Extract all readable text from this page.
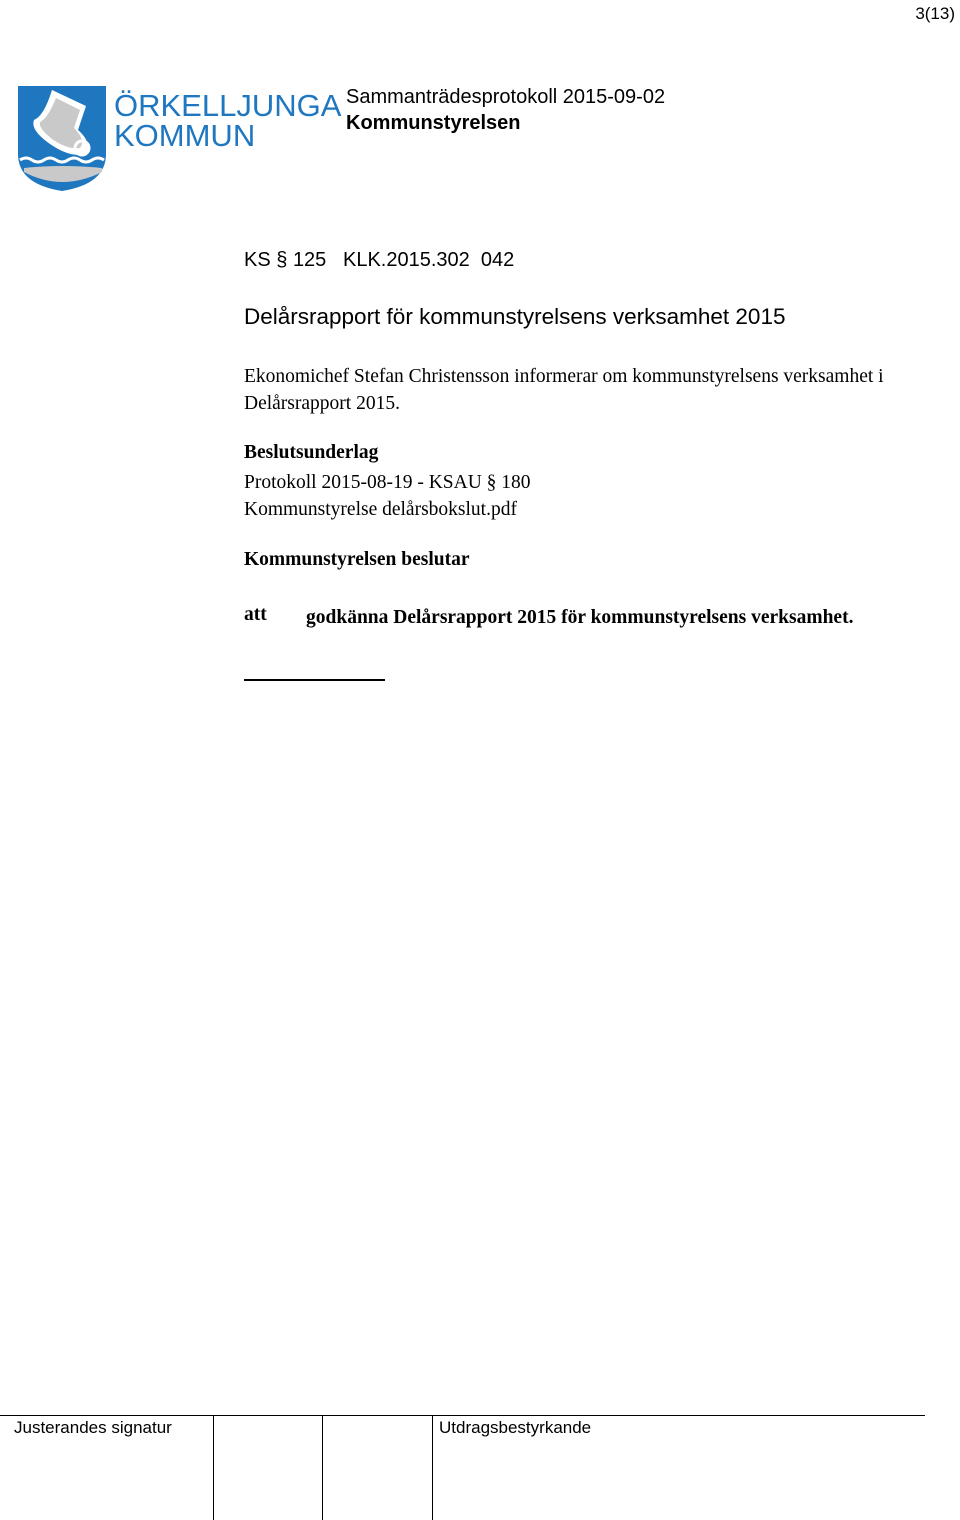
3(13)
ÖRKELLJUNGA
KOMMUN
Sammanträdesprotokoll 2015-09-02
Kommunstyrelsen
KS § 125 KLK.2015.302  042
Delårsrapport för kommunstyrelsens verksamhet 2015
Ekonomichef Stefan Christensson informerar om kommunstyrelsens verksamhet i Delårsrapport 2015.
Beslutsunderlag
Protokoll 2015-08-19 - KSAU § 180
Kommunstyrelse delårsbokslut.pdf
Kommunstyrelsen beslutar
att godkänna Delårsrapport 2015 för kommunstyrelsens verksamhet.
Justerandes signatur	Utdragsbestyrkande
